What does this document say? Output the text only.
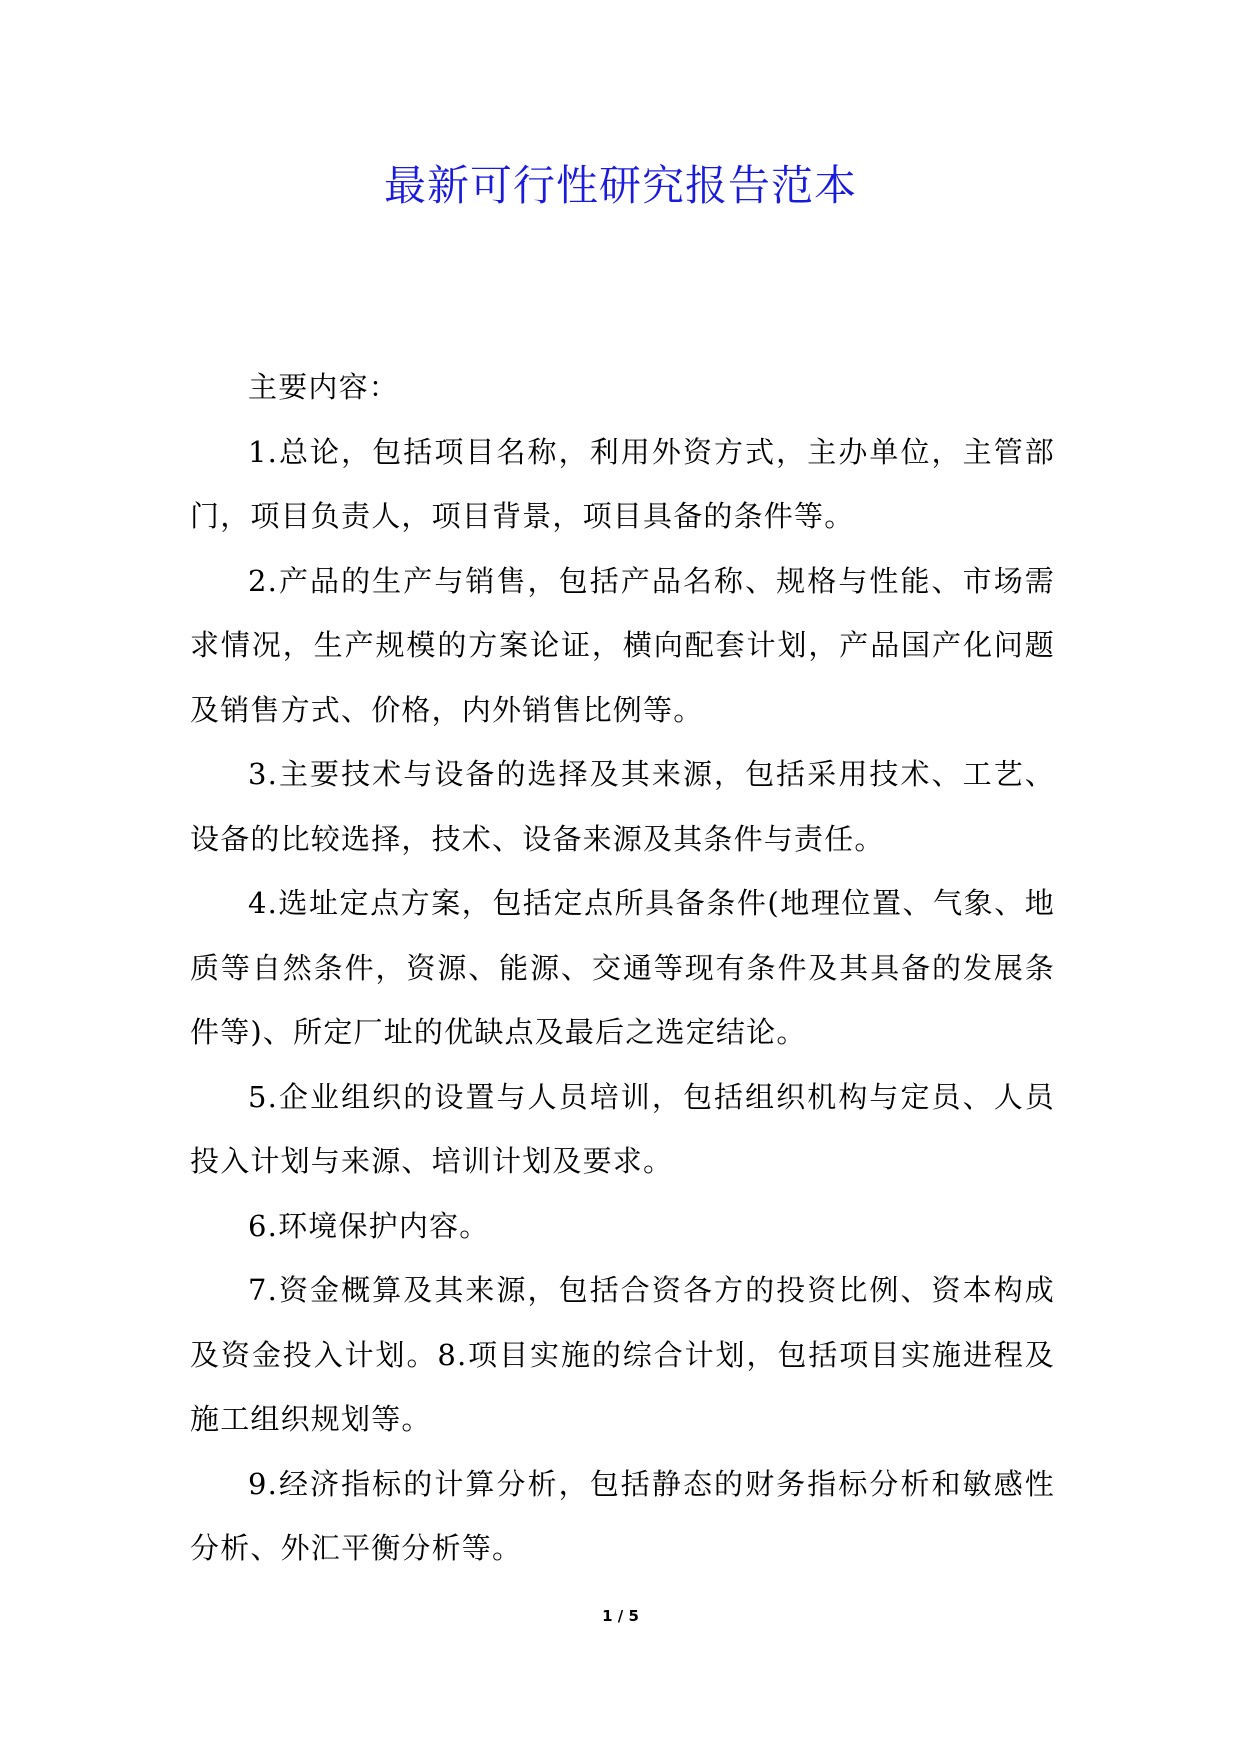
最新可行性研究报告范本

主要内容：

1.总论，包括项目名称，利用外资方式，主办单位，主管部门，项目负责人，项目背景，项目具备的条件等。

2.产品的生产与销售，包括产品名称、规格与性能、市场需求情况，生产规模的方案论证，横向配套计划，产品国产化问题及销售方式、价格，内外销售比例等。

3.主要技术与设备的选择及其来源，包括采用技术、工艺、设备的比较选择，技术、设备来源及其条件与责任。

4.选址定点方案，包括定点所具备条件(地理位置、气象、地质等自然条件，资源、能源、交通等现有条件及其具备的发展条件等)、所定厂址的优缺点及最后之选定结论。

5.企业组织的设置与人员培训，包括组织机构与定员、人员投入计划与来源、培训计划及要求。

6.环境保护内容。

7.资金概算及其来源，包括合资各方的投资比例、资本构成及资金投入计划。8.项目实施的综合计划，包括项目实施进程及施工组织规划等。

9.经济指标的计算分析，包括静态的财务指标分析和敏感性分析、外汇平衡分析等。

1 / 5
